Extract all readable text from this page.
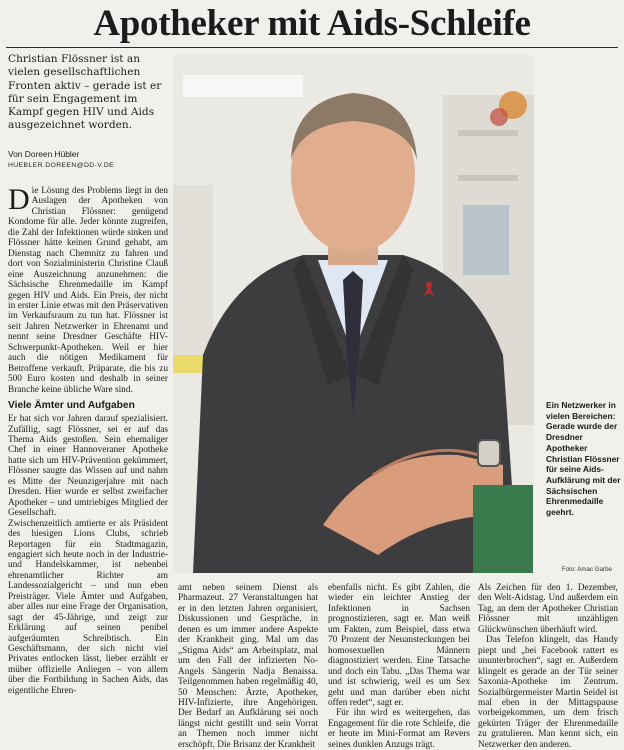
Apotheker mit Aids-Schleife
Christian Flössner ist an vielen gesellschaftlichen Fronten aktiv – gerade ist er für sein Engagement im Kampf gegen HIV und Aids ausgezeichnet worden.
Von Doreen Hübler
HUEBLER.DOREEN@DD-V.DE

Die Lösung des Problems liegt in den Auslagen der Apotheken von Christian Flössner: genügend Kondome für alle. Jeder könnte zugreifen, die Zahl der Infektionen würde sinken und Flössner hätte keinen Grund gehabt, am Dienstag nach Chemnitz zu fahren und dort von Sozialministerin Christine Clauß eine Auszeichnung anzunehmen: die Sächsische Ehrenmedaille im Kampf gegen HIV und Aids. Ein Preis, der nicht in erster Linie etwas mit den Präservativen im Verkaufsraum zu tun hat. Flössner ist seit Jahren Netzwerker in Ehrenamt und nennt seine Dresdner Geschäfte HIV-Schwerpunkt-Apotheken. Weil er hier auch die nötigen Medikament für Betroffene verkauft. Präparate, die bis zu 500 Euro kosten und deshalb in seiner Branche keine übliche Ware sind.

Viele Ämter und Aufgaben

Er hat sich vor Jahren darauf spezialisiert. Zufällig, sagt Flössner, sei er auf das Thema Aids gestoßen. Sein ehemaliger Chef in einer Hannoveraner Apotheke hatte sich um HIV-Prävention gekümmert, Flössner saugte das Wissen auf und nahm es Mitte der Neunzigerjahre mit nach Dresden. Hier wurde er selbst zweifacher Apotheker – und umtriebiges Mitglied der Gesellschaft.

Zwischenzeitlich amtierte er als Präsident des hiesigen Lions Clubs, schrieb Reportagen für ein Stadtmagazin, engagiert sich heute noch in der Industrie- und Handelskammer, ist nebenbei ehrenamtlicher Richter am Landessozialgericht – und nun eben Preisträger. Viele Ämter und Aufgaben, aber alles nur eine Frage der Organisation, sagt der 45-Jährige, und zeigt zur Erklärung auf seinen penibel aufgeräumten Schreibtisch. Ein Geschäftsmann, der sich nicht viel Privates entlocken lässt, lieber erzählt er müber offizielle Anliegen – von allem über die Fortbildung in Sachen Aids, das eigentliche Ehren-

Ein Netzwerker in vielen Bereichen: Gerade wurde der Dresdner Apotheker Christian Flössner für seine Aids-Aufklärung mit der Sächsischen Ehrenmedaille geehrt.
Foto: Amac Garbe

amt neben seinem Dienst als Pharmazeut. 27 Veranstaltungen hat er in den letzten Jahren organisiert, Diskussionen und Gespräche, in denen es um immer andere Aspekte der Krankheit ging. Mal um das „Stigma Aids“ am Arbeitsplatz, mal um den Fall der infizierten No-Angels Sängerin Nadja Benaissa. Teilgenommen haben regelmäßig 40, 50 Menschen: Ärzte, Apotheker, HIV-Infizierte, ihre Angehörigen. Der Bedarf an Aufklärung sei noch längst nicht gestillt und sein Vorrat an Themen noch immer nicht erschöpft. Die Brisanz der Krankheit

ebenfalls nicht. Es gibt Zahlen, die wieder ein leichter Anstieg der Infektionen in Sachsen prognostizieren, sagt er. Man weiß um Fakten, zum Beispiel, dass etwa 70 Prozent der Neuansteckungen bei homosexuellen Männern diagnostiziert werden. Eine Tatsache und doch ein Tabu. „Das Thema war und ist schwierig, weil es um Sex geht und man darüber eben nicht offen redet“, sagt er.

Für ihn wird es weitergehen, das Engagement für die rote Schleife, die er heute im Mini-Format am Revers seines dunklen Anzugs trägt.

Als Zeichen für den 1. Dezember, den Welt-Aidstag. Und außerdem ein Tag, an dem der Apotheker Christian Flössner mit unzähligen Glückwünschen überhäuft wird.

Das Telefon klingelt, das Handy piept und „bei Facebook rattert es ununterbrochen“, sagt er. Außerdem klingelt es gerade an der Tür seiner Saxonia-Apotheke im Zentrum. Sozialbürgermeister Martin Seidel ist mal eben in der Mittagspause vorbeigekommen, um dem frisch gekürten Träger der Ehrenmedaille zu gratulieren. Man kennt sich, ein Netzwerker den anderen.
